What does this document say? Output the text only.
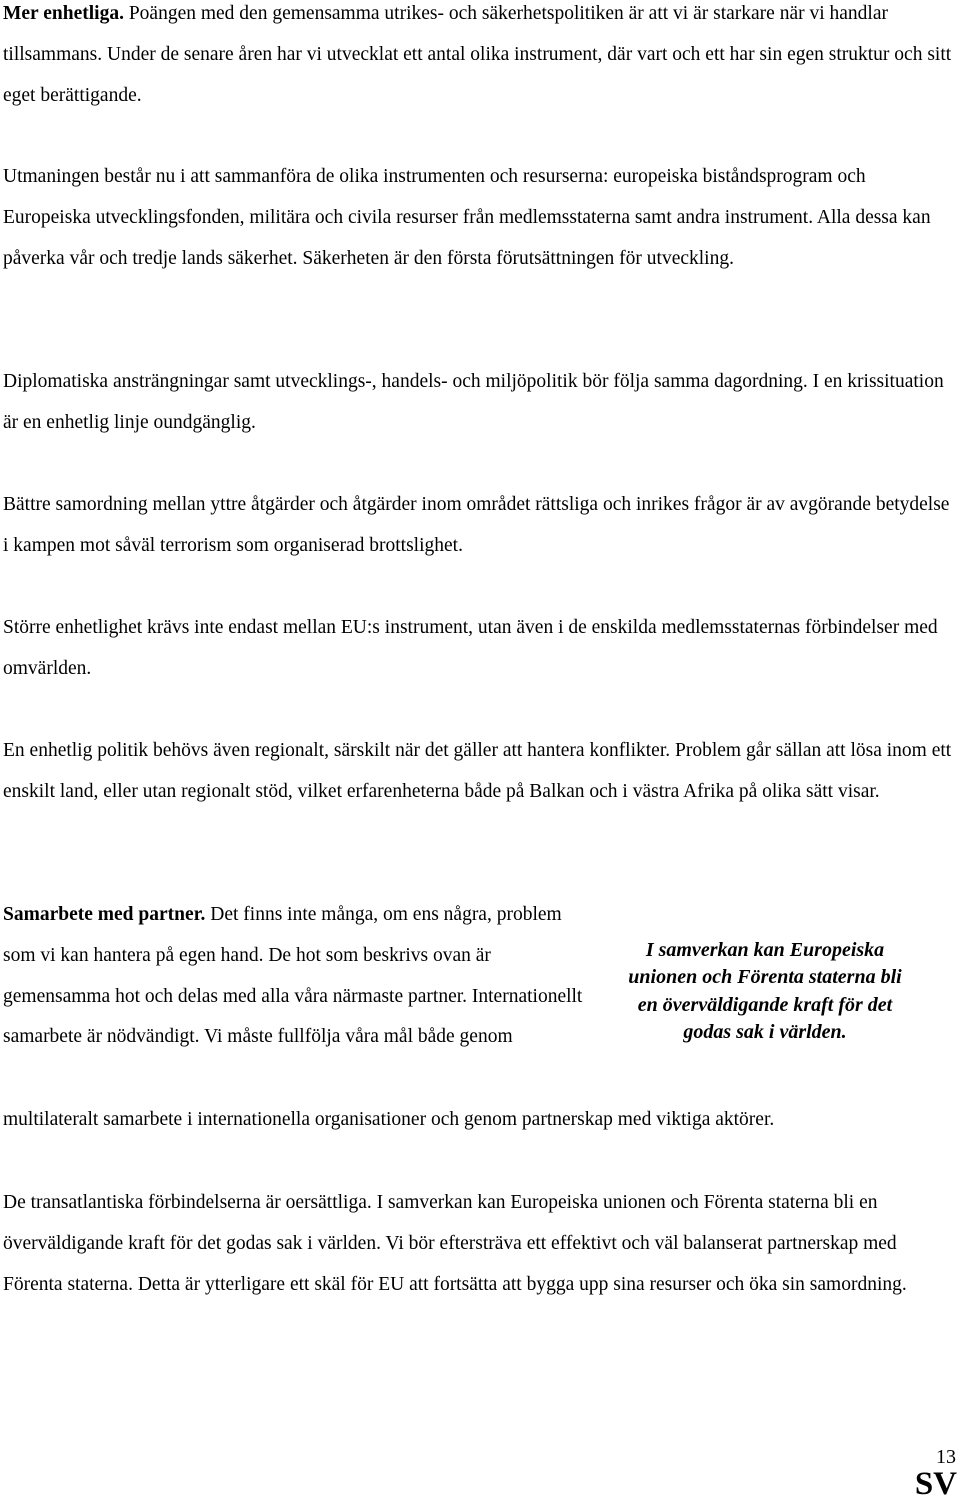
Mer enhetliga. Poängen med den gemensamma utrikes- och säkerhetspolitiken är att vi är starkare när vi handlar tillsammans. Under de senare åren har vi utvecklat ett antal olika instrument, där vart och ett har sin egen struktur och sitt eget berättigande.

Utmaningen består nu i att sammanföra de olika instrumenten och resurserna: europeiska biståndsprogram och Europeiska utvecklingsfonden, militära och civila resurser från medlemsstaterna samt andra instrument. Alla dessa kan påverka vår och tredje lands säkerhet. Säkerheten är den första förutsättningen för utveckling.

Diplomatiska ansträngningar samt utvecklings-, handels- och miljöpolitik bör följa samma dagordning. I en krissituation är en enhetlig linje oundgänglig.

Bättre samordning mellan yttre åtgärder och åtgärder inom området rättsliga och inrikes frågor är av avgörande betydelse i kampen mot såväl terrorism som organiserad brottslighet.

Större enhetlighet krävs inte endast mellan EU:s instrument, utan även i de enskilda medlemsstaternas förbindelser med omvärlden.

En enhetlig politik behövs även regionalt, särskilt när det gäller att hantera konflikter. Problem går sällan att lösa inom ett enskilt land, eller utan regionalt stöd, vilket erfarenheterna både på Balkan och i västra Afrika på olika sätt visar.

Samarbete med partner. Det finns inte många, om ens några, problem som vi kan hantera på egen hand. De hot som beskrivs ovan är gemensamma hot och delas med alla våra närmaste partner. Internationellt samarbete är nödvändigt. Vi måste fullfölja våra mål både genom

multilateralt samarbete i internationella organisationer och genom partnerskap med viktiga aktörer.

I samverkan kan Europeiska unionen och Förenta staterna bli en överväldigande kraft för det godas sak i världen.

De transatlantiska förbindelserna är oersättliga. I samverkan kan Europeiska unionen och Förenta staterna bli en överväldigande kraft för det godas sak i världen. Vi bör eftersträva ett effektivt och väl balanserat partnerskap med Förenta staterna. Detta är ytterligare ett skäl för EU att fortsätta att bygga upp sina resurser och öka sin samordning.

13
SV
